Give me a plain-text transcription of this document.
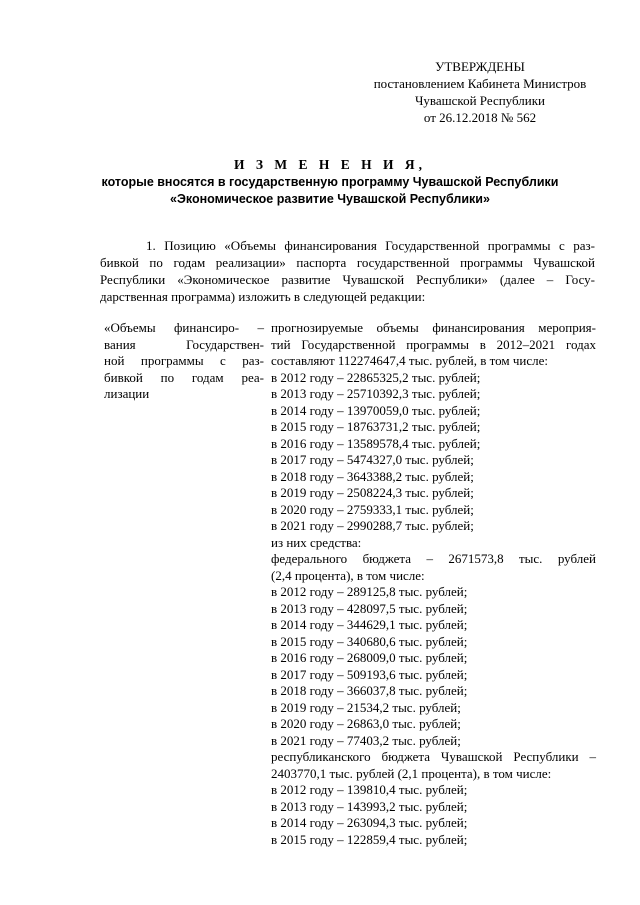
УТВЕРЖДЕНЫ
постановлением Кабинета Министров
Чувашской Республики
от 26.12.2018 № 562
И З М Е Н Е Н И Я,
которые вносятся в государственную программу Чувашской Республики
«Экономическое развитие Чувашской Республики»
1. Позицию «Объемы финансирования Государственной программы с раз-
бивкой по годам реализации» паспорта государственной программы Чувашской
Республики «Экономическое развитие Чувашской Республики» (далее – Госу-
дарственная программа) изложить в следующей редакции:
«Объемы финансиро- –
вания Государствен-
ной программы с раз-
бивкой по годам реа-
лизации
прогнозируемые объемы финансирования мероприя-
тий Государственной программы в 2012–2021 годах
составляют 112274647,4 тыс. рублей, в том числе:
в 2012 году – 22865325,2 тыс. рублей;
в 2013 году – 25710392,3 тыс. рублей;
в 2014 году – 13970059,0 тыс. рублей;
в 2015 году – 18763731,2 тыс. рублей;
в 2016 году – 13589578,4 тыс. рублей;
в 2017 году – 5474327,0 тыс. рублей;
в 2018 году – 3643388,2 тыс. рублей;
в 2019 году – 2508224,3 тыс. рублей;
в 2020 году – 2759333,1 тыс. рублей;
в 2021 году – 2990288,7 тыс. рублей;
из них средства:
федерального бюджета – 2671573,8 тыс. рублей
(2,4 процента), в том числе:
в 2012 году – 289125,8 тыс. рублей;
в 2013 году – 428097,5 тыс. рублей;
в 2014 году – 344629,1 тыс. рублей;
в 2015 году – 340680,6 тыс. рублей;
в 2016 году – 268009,0 тыс. рублей;
в 2017 году – 509193,6 тыс. рублей;
в 2018 году – 366037,8 тыс. рублей;
в 2019 году – 21534,2 тыс. рублей;
в 2020 году – 26863,0 тыс. рублей;
в 2021 году – 77403,2 тыс. рублей;
республиканского бюджета Чувашской Республики –
2403770,1 тыс. рублей (2,1 процента), в том числе:
в 2012 году – 139810,4 тыс. рублей;
в 2013 году – 143993,2 тыс. рублей;
в 2014 году – 263094,3 тыс. рублей;
в 2015 году – 122859,4 тыс. рублей;
